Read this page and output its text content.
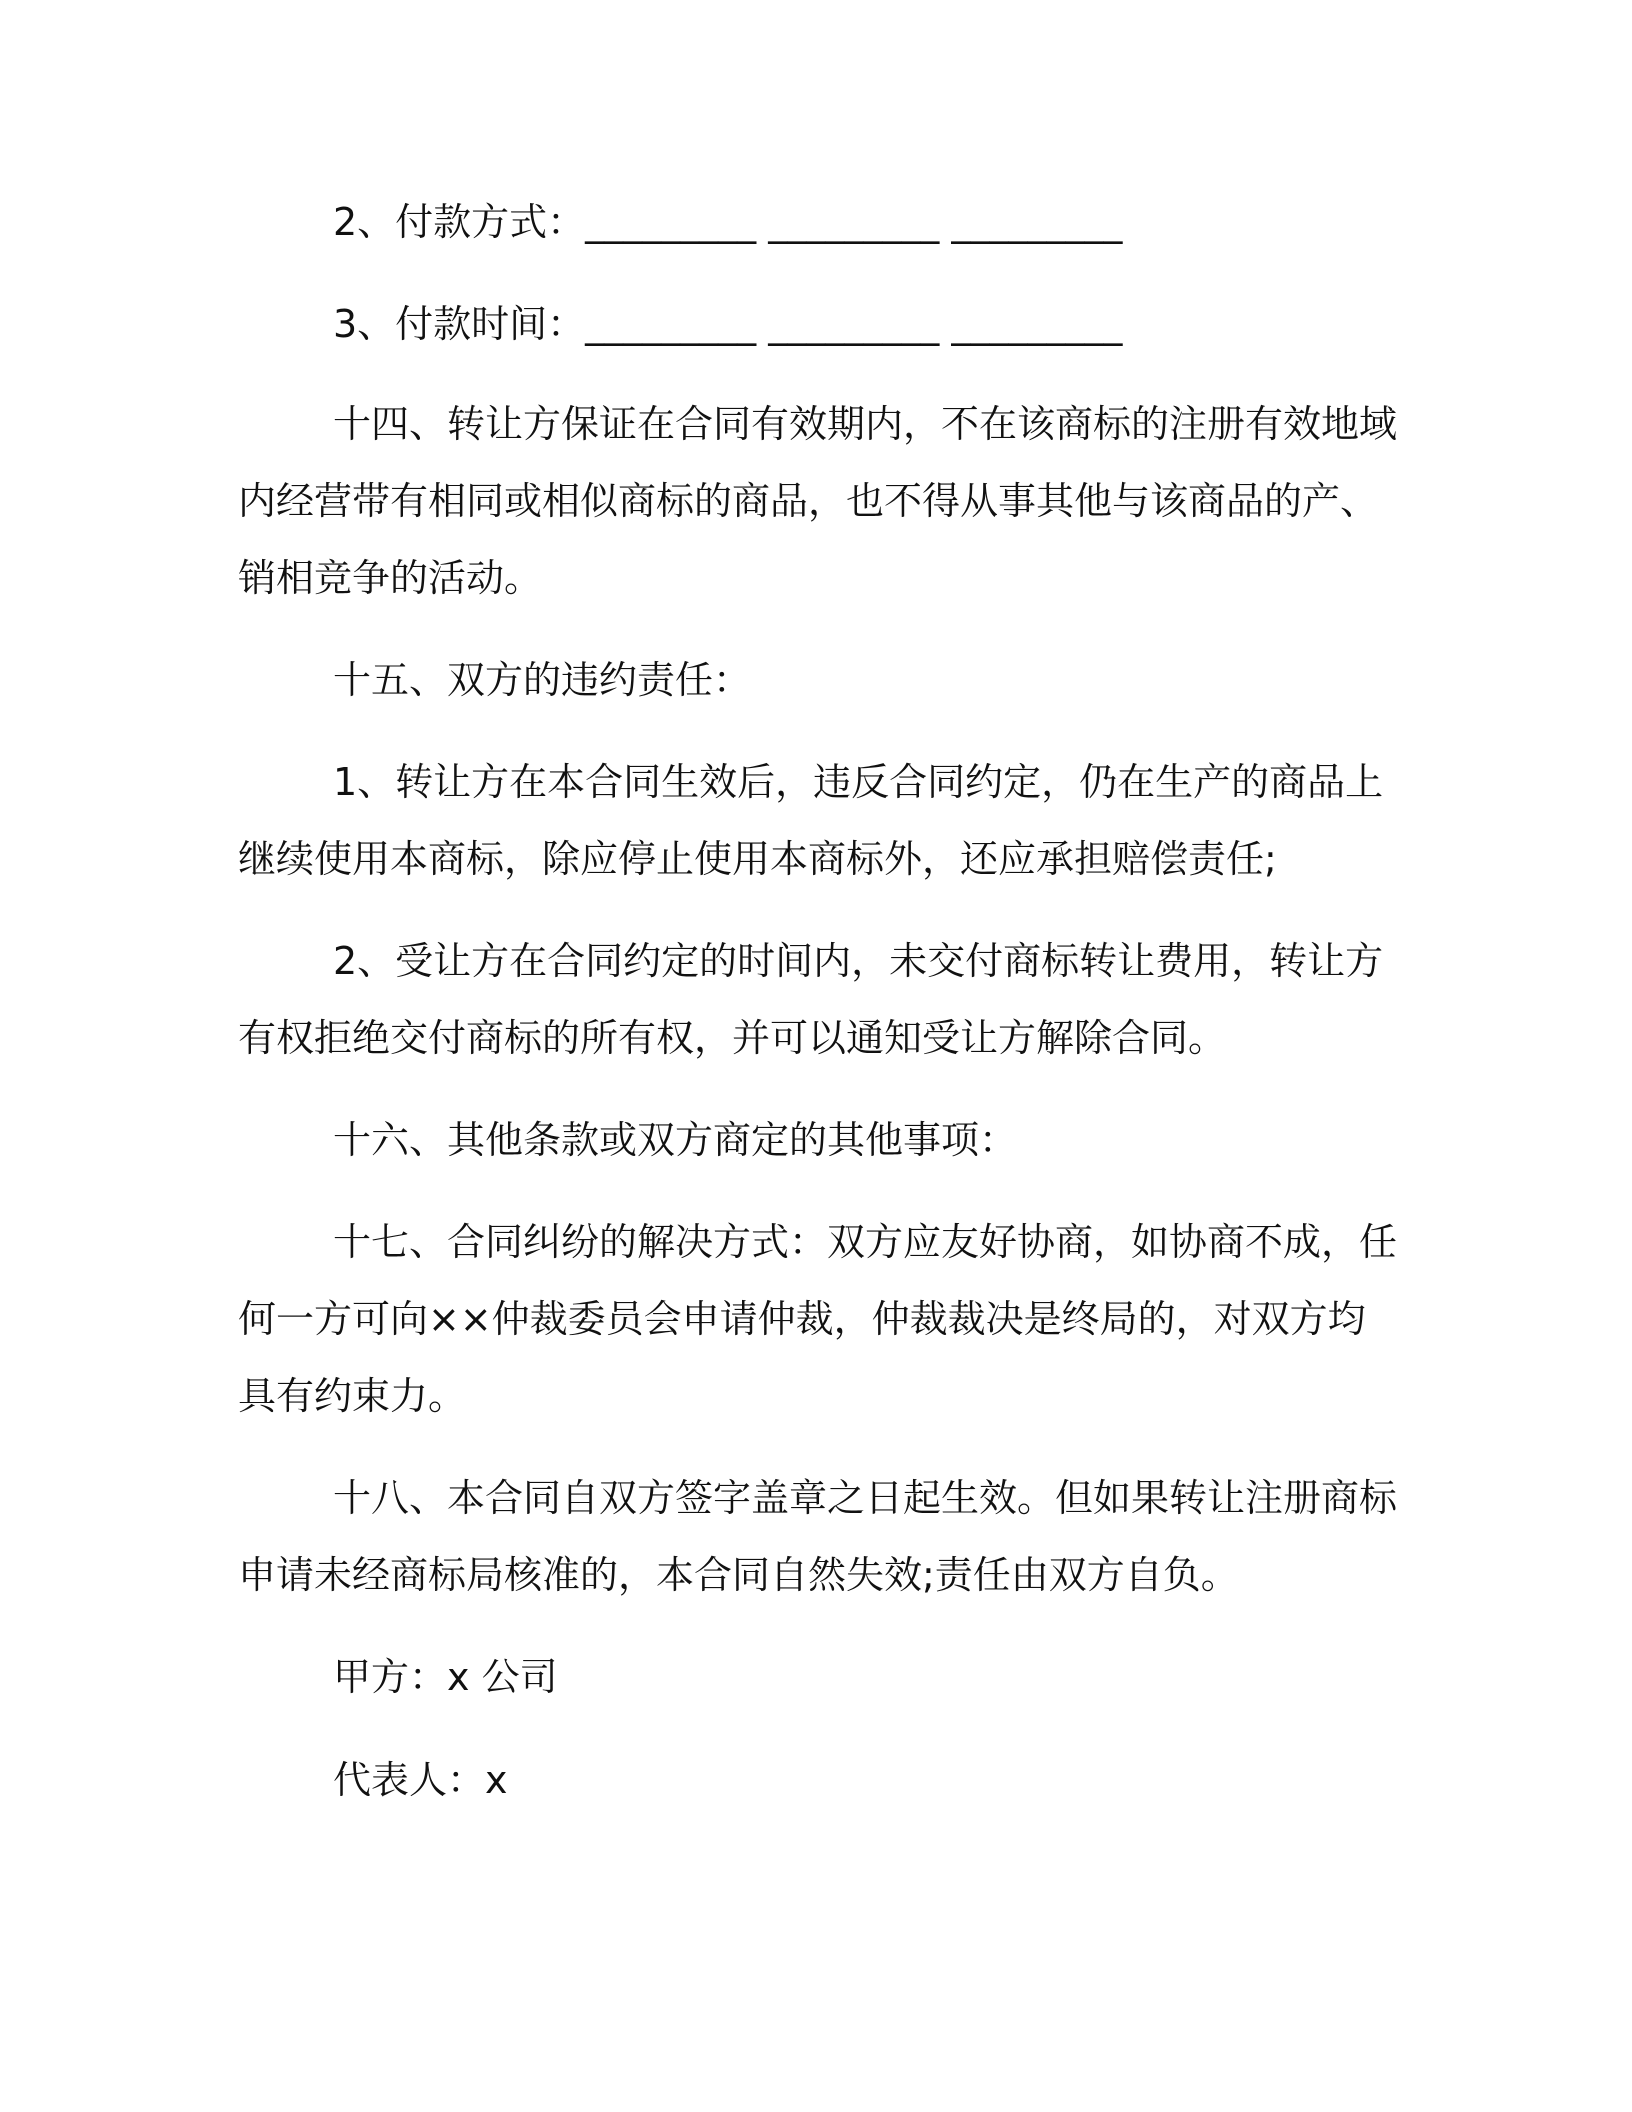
2、付款方式：_________ _________ _________
3、付款时间：_________ _________ _________
十四、转让方保证在合同有效期内，不在该商标的注册有效地域
内经营带有相同或相似商标的商品，也不得从事其他与该商品的产、
销相竞争的活动。
十五、双方的违约责任：
1、转让方在本合同生效后，违反合同约定，仍在生产的商品上
继续使用本商标，除应停止使用本商标外，还应承担赔偿责任;
2、受让方在合同约定的时间内，未交付商标转让费用，转让方
有权拒绝交付商标的所有权，并可以通知受让方解除合同。
十六、其他条款或双方商定的其他事项：
十七、合同纠纷的解决方式：双方应友好协商，如协商不成，任
何一方可向××仲裁委员会申请仲裁，仲裁裁决是终局的，对双方均
具有约束力。
十八、本合同自双方签字盖章之日起生效。但如果转让注册商标
申请未经商标局核准的，本合同自然失效;责任由双方自负。
甲方：x 公司
代表人：x
